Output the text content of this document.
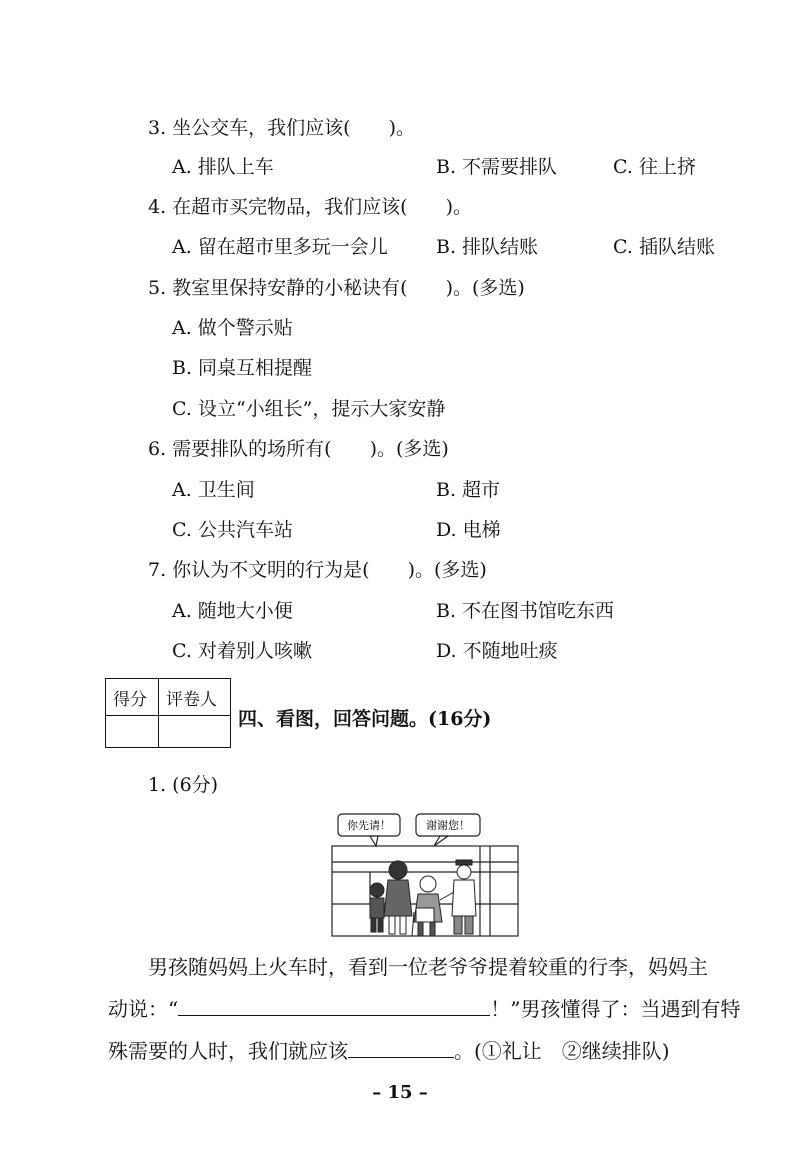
3. 坐公交车，我们应该(　　)。
A. 排队上车	B. 不需要排队	C. 往上挤
4. 在超市买完物品，我们应该(　　)。
A. 留在超市里多玩一会儿	B. 排队结账	C. 插队结账
5. 教室里保持安静的小秘诀有(　　)。(多选)
A. 做个警示贴
B. 同桌互相提醒
C. 设立“小组长”，提示大家安静
6. 需要排队的场所有(　　)。(多选)
A. 卫生间	B. 超市
C. 公共汽车站	D. 电梯
7. 你认为不文明的行为是(　　)。(多选)
A. 随地大小便	B. 不在图书馆吃东西
C. 对着别人咳嗽	D. 不随地吐痰
得分 评卷人
四、看图，回答问题。(16分)
1. (6分)
你先请！	谢谢您！
男孩随妈妈上火车时，看到一位老爷爷提着较重的行李，妈妈主
动说：“	！”男孩懂得了：当遇到有特
殊需要的人时，我们就应该	。(①礼让　②继续排队)
– 15 –
